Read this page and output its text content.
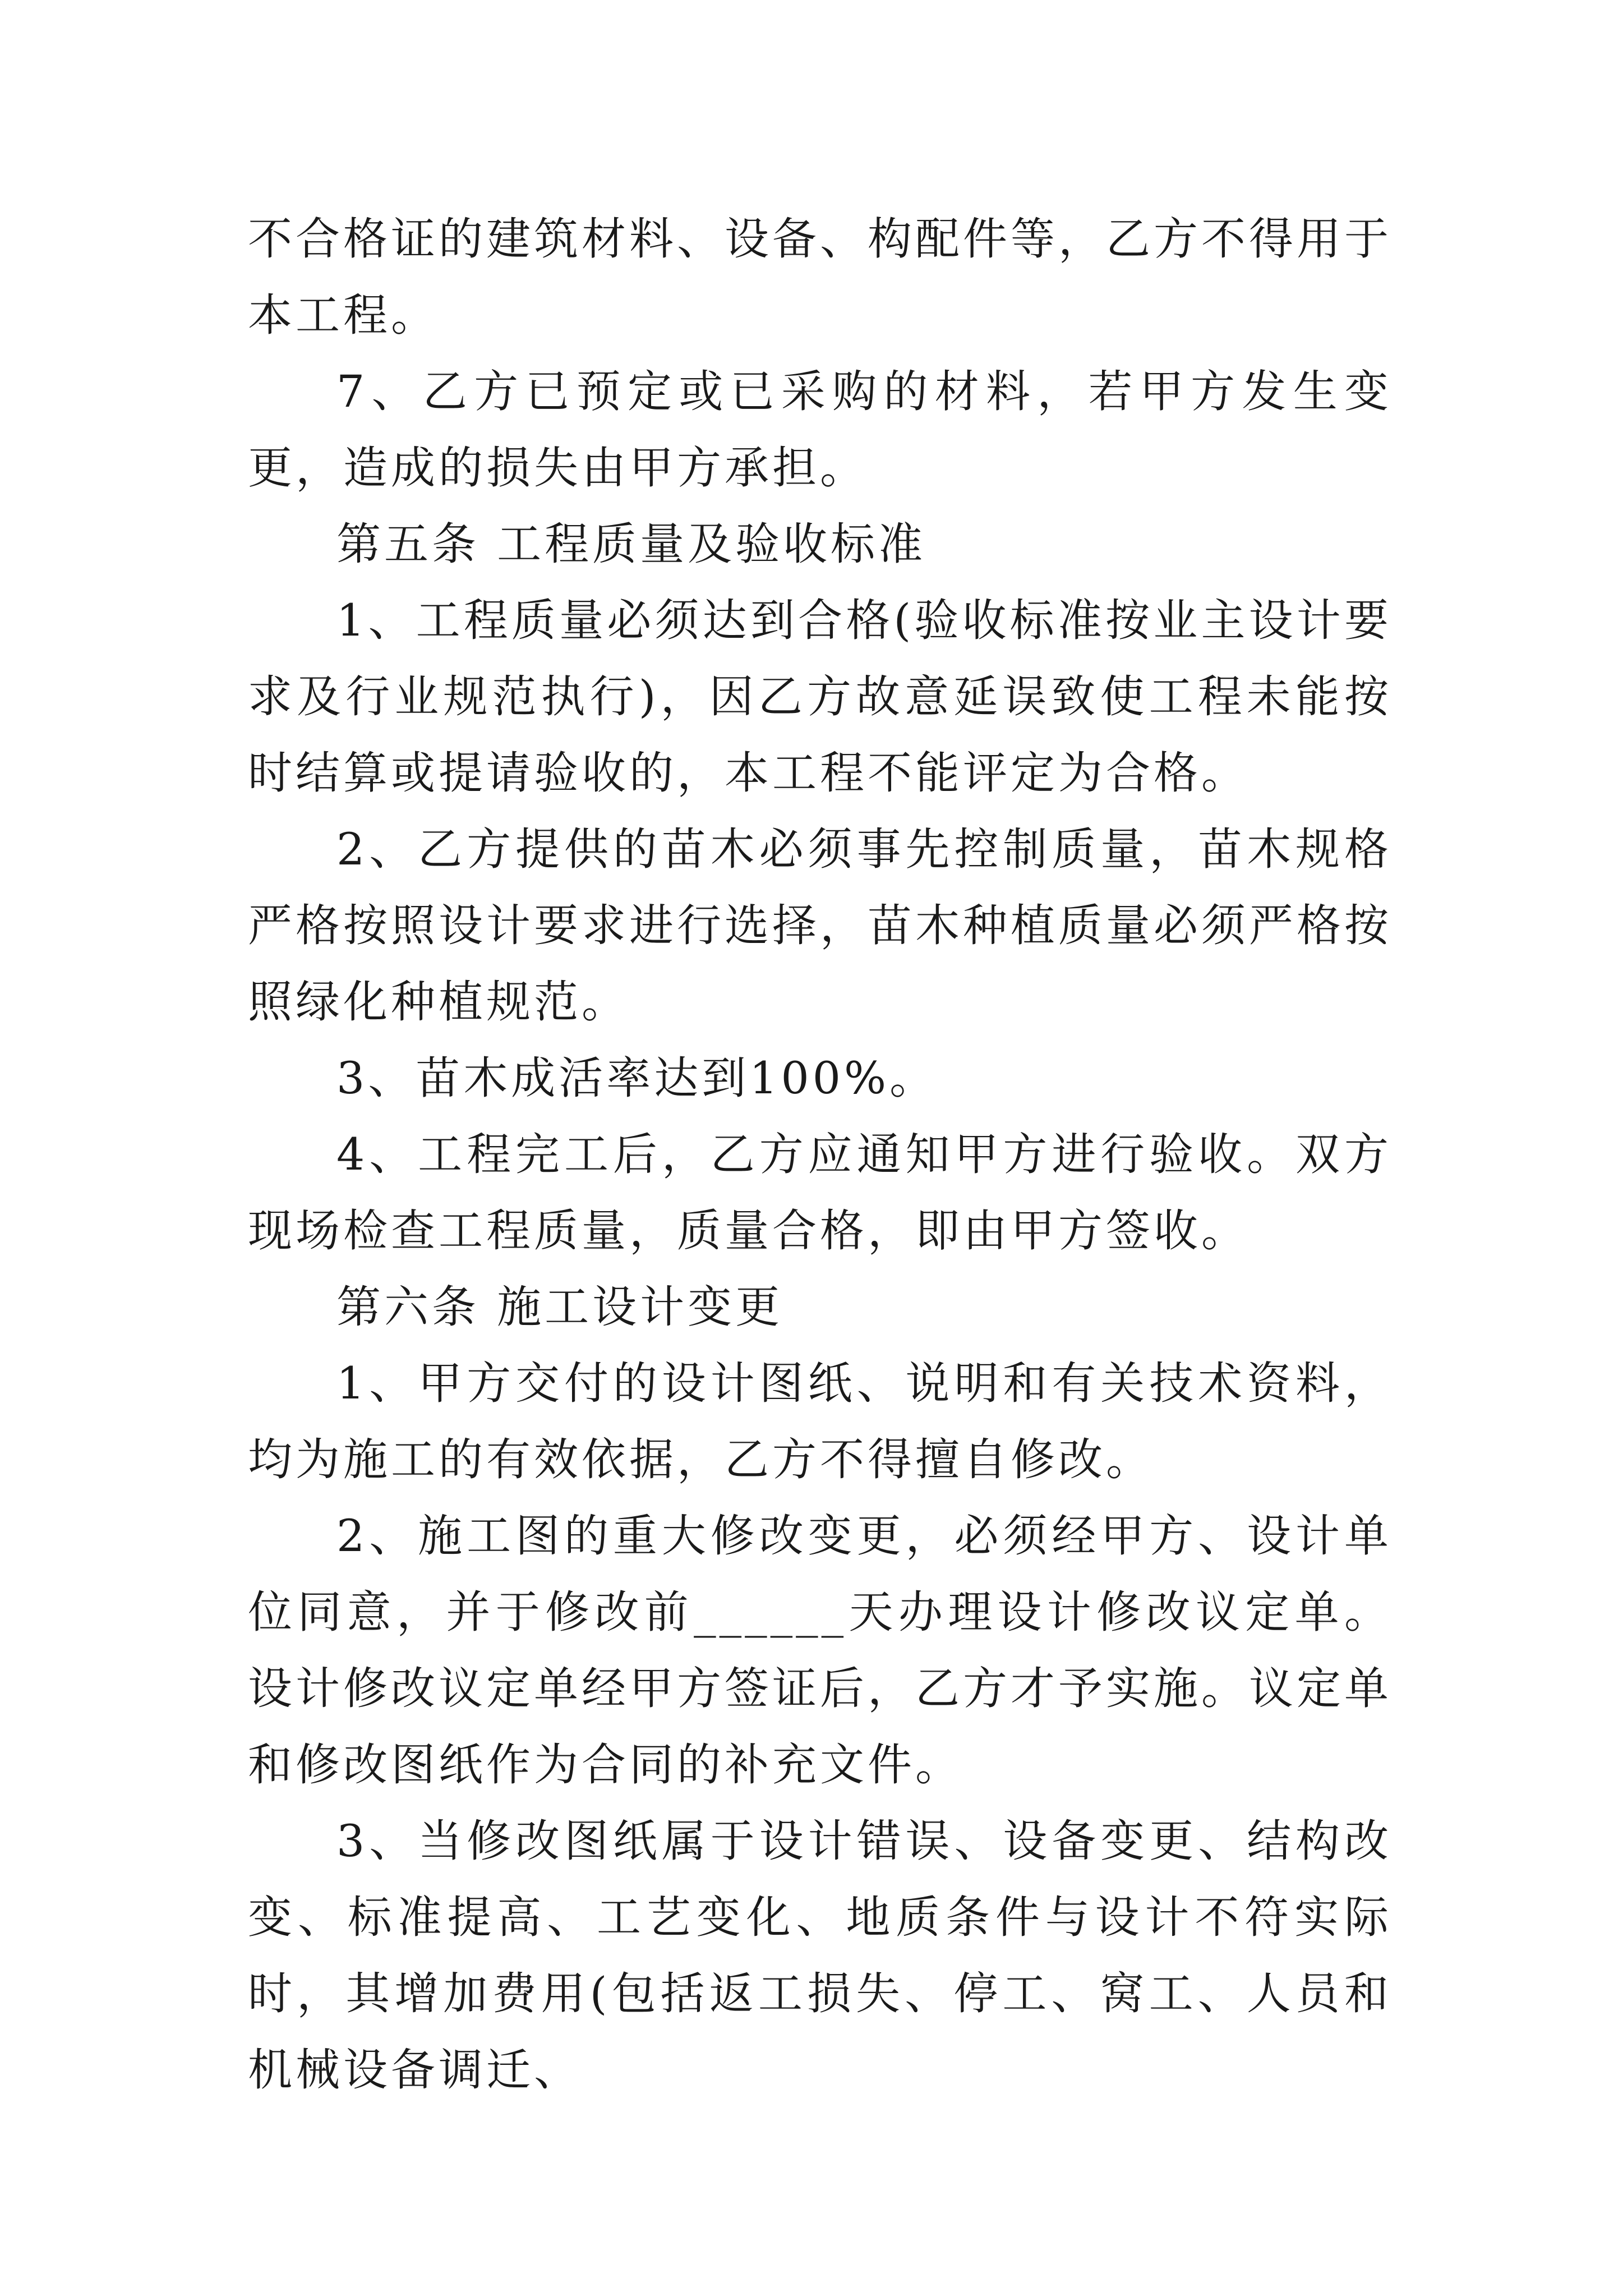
不合格证的建筑材料、设备、构配件等，乙方不得用于本工程。

7、乙方已预定或已采购的材料，若甲方发生变更，造成的损失由甲方承担。

第五条 工程质量及验收标准

1、工程质量必须达到合格(验收标准按业主设计要求及行业规范执行)，因乙方故意延误致使工程未能按时结算或提请验收的，本工程不能评定为合格。

2、乙方提供的苗木必须事先控制质量，苗木规格严格按照设计要求进行选择，苗木种植质量必须严格按照绿化种植规范。

3、苗木成活率达到100%。

4、工程完工后，乙方应通知甲方进行验收。双方现场检查工程质量，质量合格，即由甲方签收。

第六条 施工设计变更

1、甲方交付的设计图纸、说明和有关技术资料，均为施工的有效依据，乙方不得擅自修改。

2、施工图的重大修改变更，必须经甲方、设计单位同意，并于修改前______天办理设计修改议定单。设计修改议定单经甲方签证后，乙方才予实施。议定单和修改图纸作为合同的补充文件。

3、当修改图纸属于设计错误、设备变更、结构改变、标准提高、工艺变化、地质条件与设计不符实际时，其增加费用(包括返工损失、停工、窝工、人员和机械设备调迁、
